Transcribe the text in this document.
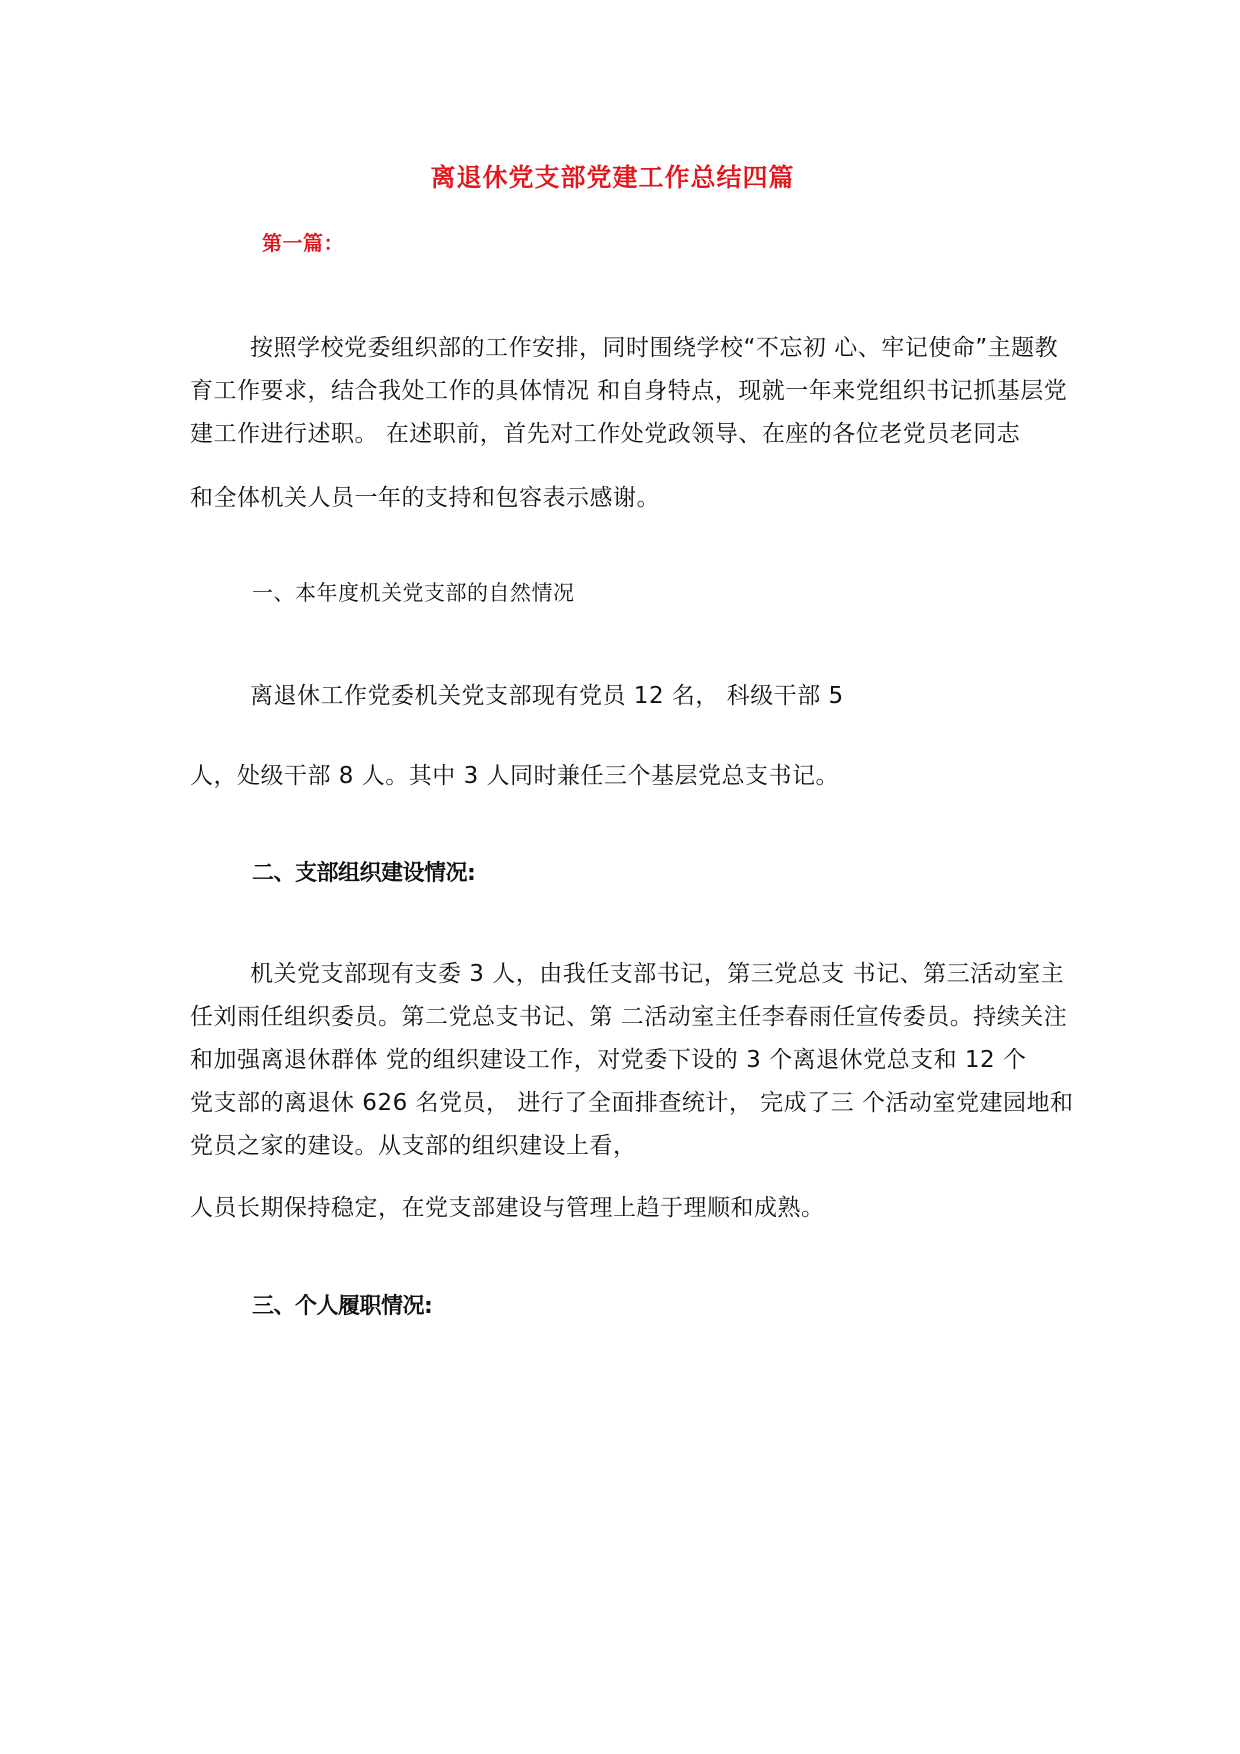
离退休党支部党建工作总结四篇
第一篇：
按照学校党委组织部的工作安排，同时围绕学校“不忘初 心、牢记使命”主题教
育工作要求，结合我处工作的具体情况 和自身特点，现就一年来党组织书记抓基层党
建工作进行述职。 在述职前，首先对工作处党政领导、在座的各位老党员老同志
和全体机关人员一年的支持和包容表示感谢。
一、本年度机关党支部的自然情况
离退休工作党委机关党支部现有党员 12 名， 科级干部 5
人，处级干部 8 人。其中 3 人同时兼任三个基层党总支书记。
二、支部组织建设情况:
机关党支部现有支委 3 人，由我任支部书记，第三党总支 书记、第三活动室主
任刘雨任组织委员。第二党总支书记、第 二活动室主任李春雨任宣传委员。持续关注
和加强离退休群体 党的组织建设工作，对党委下设的 3 个离退休党总支和 12 个
党支部的离退休 626 名党员， 进行了全面排查统计， 完成了三 个活动室党建园地和
党员之家的建设。从支部的组织建设上看，
人员长期保持稳定，在党支部建设与管理上趋于理顺和成熟。
三、个人履职情况:
